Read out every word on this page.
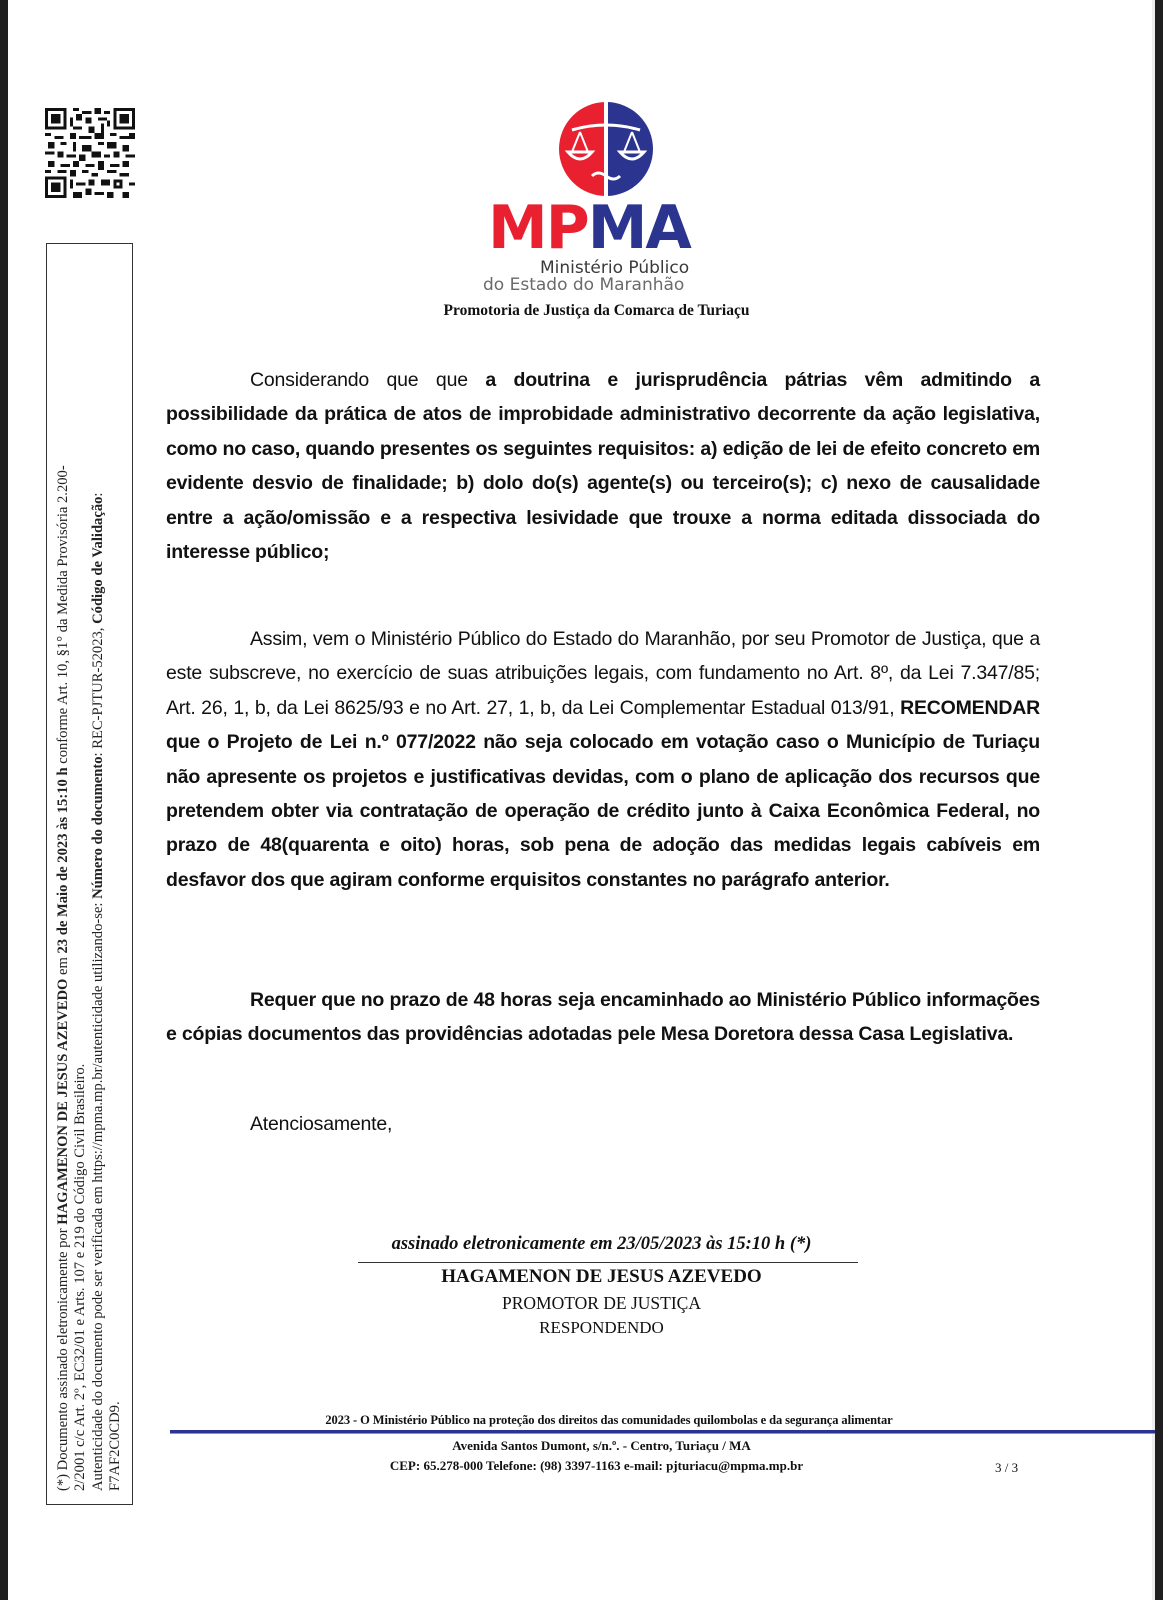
(*) Documento assinado eletronicamente por HAGAMENON DE JESUS AZEVEDO em 23 de Maio de 2023 às 15:10 h conforme Art. 10, §1° da Medida Provisória 2.200-
2/2001 c/c Art. 2º, EC32/01 e Arts. 107 e 219 do Código Civil Brasileiro. Autenticidade do documento pode ser verificada em https://mpma.mp.br/autenticidade utilizando-se: Número do documento: REC-PJTUR-52023, Código de Validação:
F7AF2C0CD9.
MPMA
Ministério Público
do Estado do Maranhão
Promotoria de Justiça da Comarca de Turiaçu

Considerando que que a doutrina e jurisprudência pátrias vêm admitindo a possibilidade da prática de atos de improbidade administrativo decorrente da ação legislativa, como no caso, quando presentes os seguintes requisitos: a) edição de lei de efeito concreto em evidente desvio de finalidade; b) dolo do(s) agente(s) ou terceiro(s); c) nexo de causalidade entre a ação/omissão e a respectiva lesividade que trouxe a norma editada dissociada do interesse público;

Assim, vem o Ministério Público do Estado do Maranhão, por seu Promotor de Justiça, que a este subscreve, no exercício de suas atribuições legais, com fundamento no Art. 8º, da Lei 7.347/85; Art. 26, 1, b, da Lei 8625/93 e no Art. 27, 1, b, da Lei Complementar Estadual 013/91, RECOMENDAR que o Projeto de Lei n.º 077/2022 não seja colocado em votação caso o Município de Turiaçu não apresente os projetos e justificativas devidas, com o plano de aplicação dos recursos que pretendem obter via contratação de operação de crédito junto à Caixa Econômica Federal, no prazo de 48(quarenta e oito) horas, sob pena de adoção das medidas legais cabíveis em desfavor dos que agiram conforme erquisitos constantes no parágrafo anterior.

Requer que no prazo de 48 horas seja encaminhado ao Ministério Público informações e cópias documentos das providências adotadas pele Mesa Doretora dessa Casa Legislativa.

Atenciosamente,

assinado eletronicamente em 23/05/2023 às 15:10 h (*)
HAGAMENON DE JESUS AZEVEDO
PROMOTOR DE JUSTIÇA
RESPONDENDO
2023 - O Ministério Público na proteção dos direitos das comunidades quilombolas e da segurança alimentar
Avenida Santos Dumont, s/n.º. - Centro, Turiaçu / MA
CEP: 65.278-000 Telefone: (98) 3397-1163 e-mail: pjturiacu@mpma.mp.br	3 / 3
